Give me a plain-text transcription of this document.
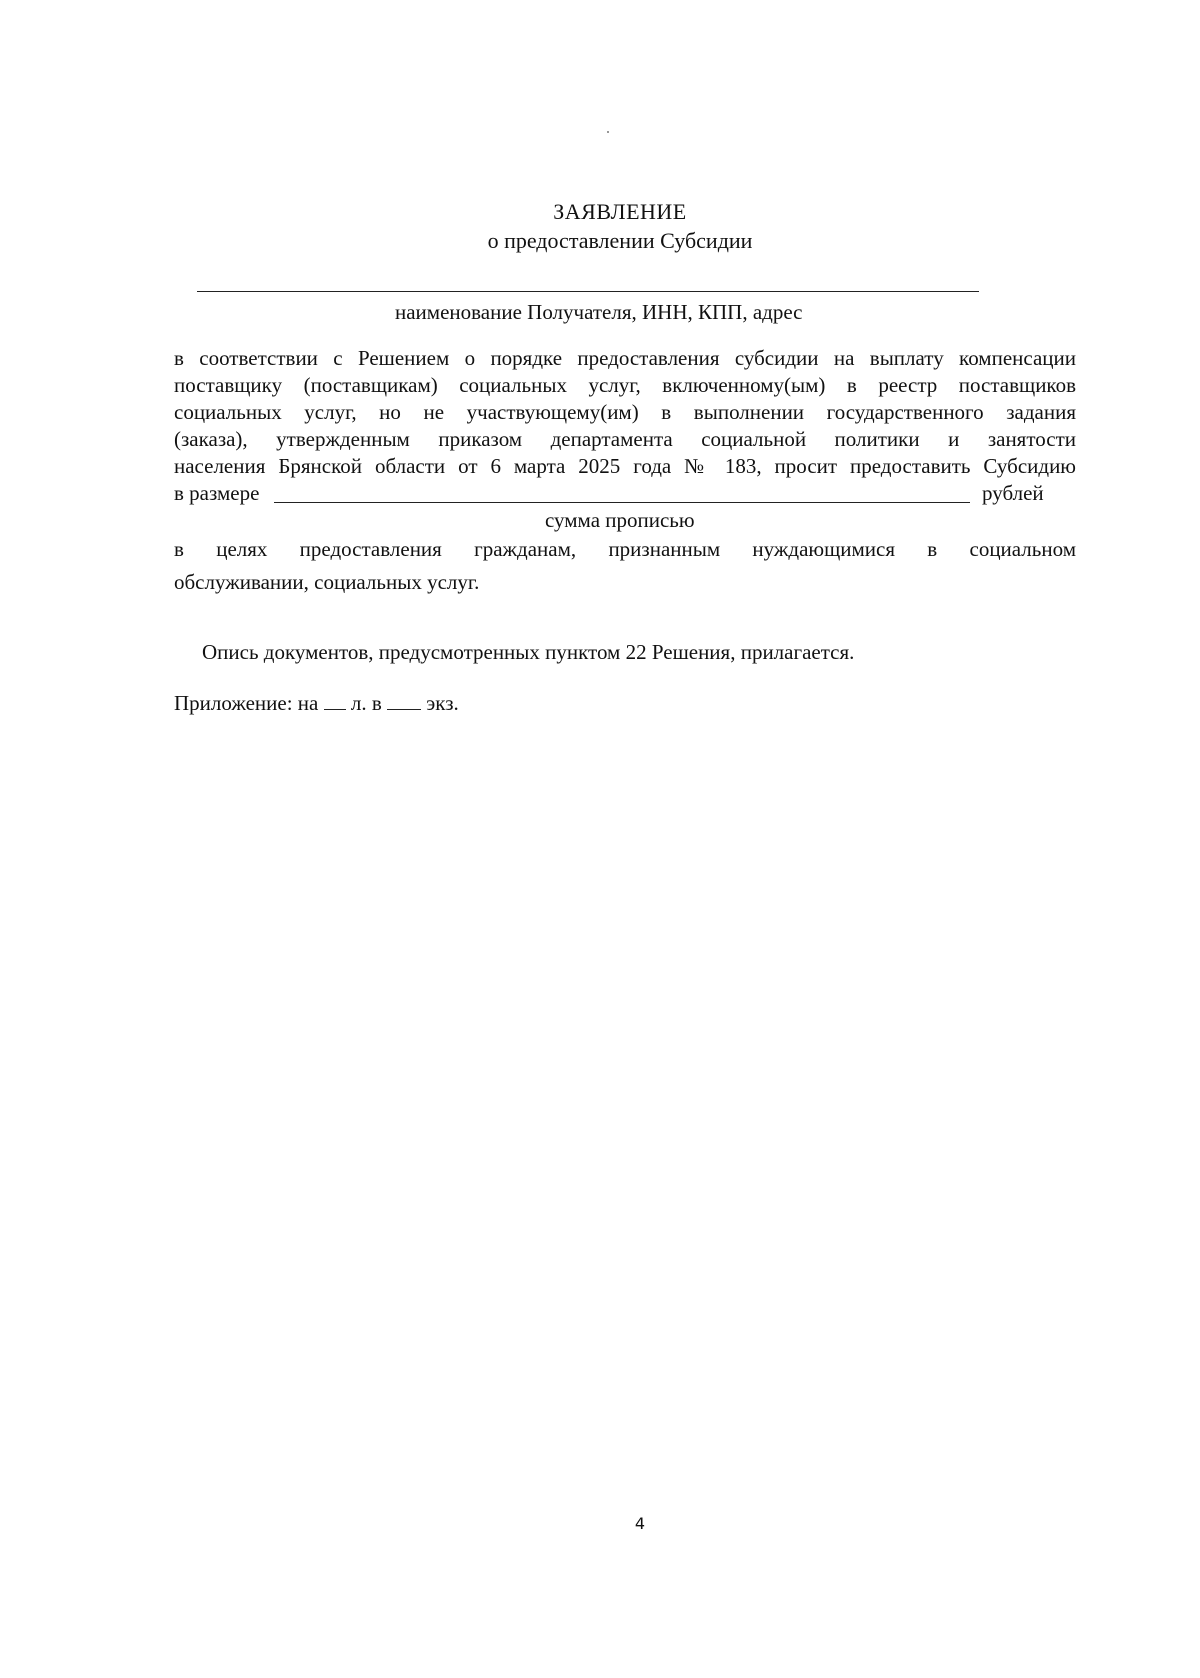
ЗАЯВЛЕНИЕ
о предоставлении Субсидии
наименование Получателя, ИНН, КПП, адрес
в соответствии с Решением о порядке предоставления субсидии на выплату компенсации
поставщику (поставщикам) социальных услуг, включенному(ым) в реестр поставщиков
социальных услуг, но не участвующему(им) в выполнении государственного задания
(заказа), утвержденным приказом департамента социальной политики и занятости
населения Брянской области от 6 марта 2025 года № 183, просит предоставить Субсидию
в размере	рублей
сумма прописью
в целях предоставления гражданам, признанным нуждающимися в социальном
обслуживании, социальных услуг.
Опись документов, предусмотренных пунктом 22 Решения, прилагается.
Приложение: на л. в экз.
4
